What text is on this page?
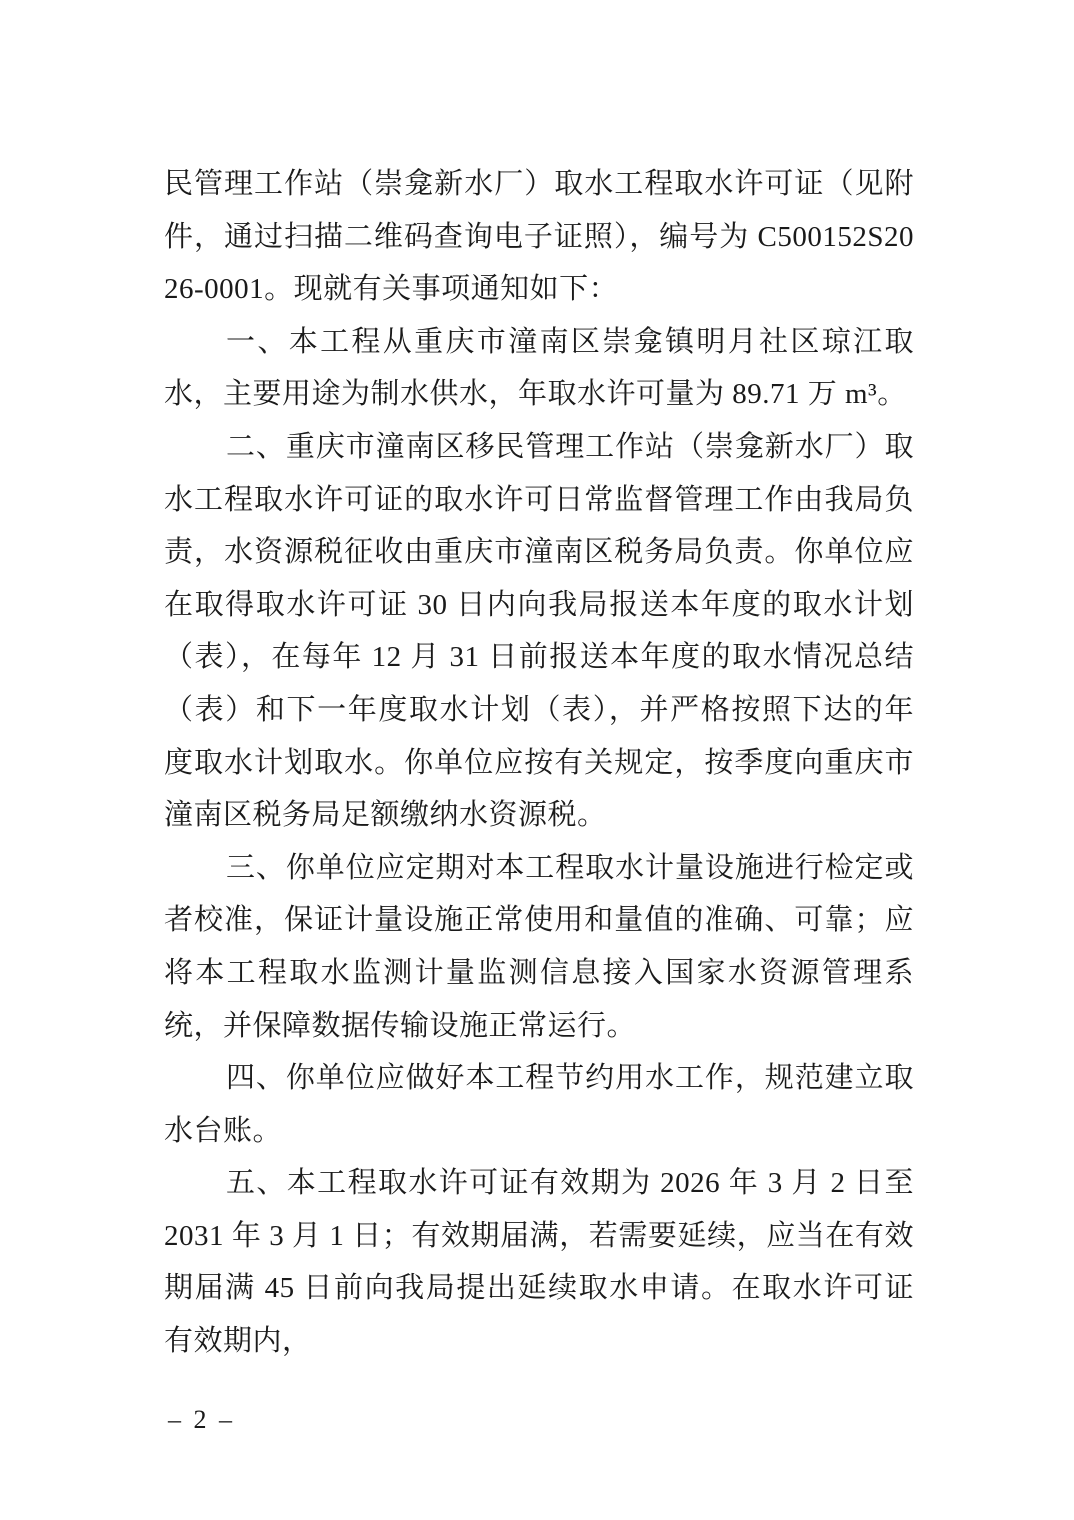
民管理工作站（崇龛新水厂）取水工程取水许可证（见附件，通过扫描二维码查询电子证照），编号为 C500152S2026-0001。现就有关事项通知如下：

一、本工程从重庆市潼南区崇龛镇明月社区琼江取水，主要用途为制水供水，年取水许可量为 89.71 万 m³。

二、重庆市潼南区移民管理工作站（崇龛新水厂）取水工程取水许可证的取水许可日常监督管理工作由我局负责，水资源税征收由重庆市潼南区税务局负责。你单位应在取得取水许可证 30 日内向我局报送本年度的取水计划（表），在每年 12 月 31 日前报送本年度的取水情况总结（表）和下一年度取水计划（表），并严格按照下达的年度取水计划取水。你单位应按有关规定，按季度向重庆市潼南区税务局足额缴纳水资源税。

三、你单位应定期对本工程取水计量设施进行检定或者校准，保证计量设施正常使用和量值的准确、可靠；应将本工程取水监测计量监测信息接入国家水资源管理系统，并保障数据传输设施正常运行。

四、你单位应做好本工程节约用水工作，规范建立取水台账。

五、本工程取水许可证有效期为 2026 年 3 月 2 日至 2031 年 3 月 1 日；有效期届满，若需要延续，应当在有效期届满 45 日前向我局提出延续取水申请。在取水许可证有效期内，

– 2 –
